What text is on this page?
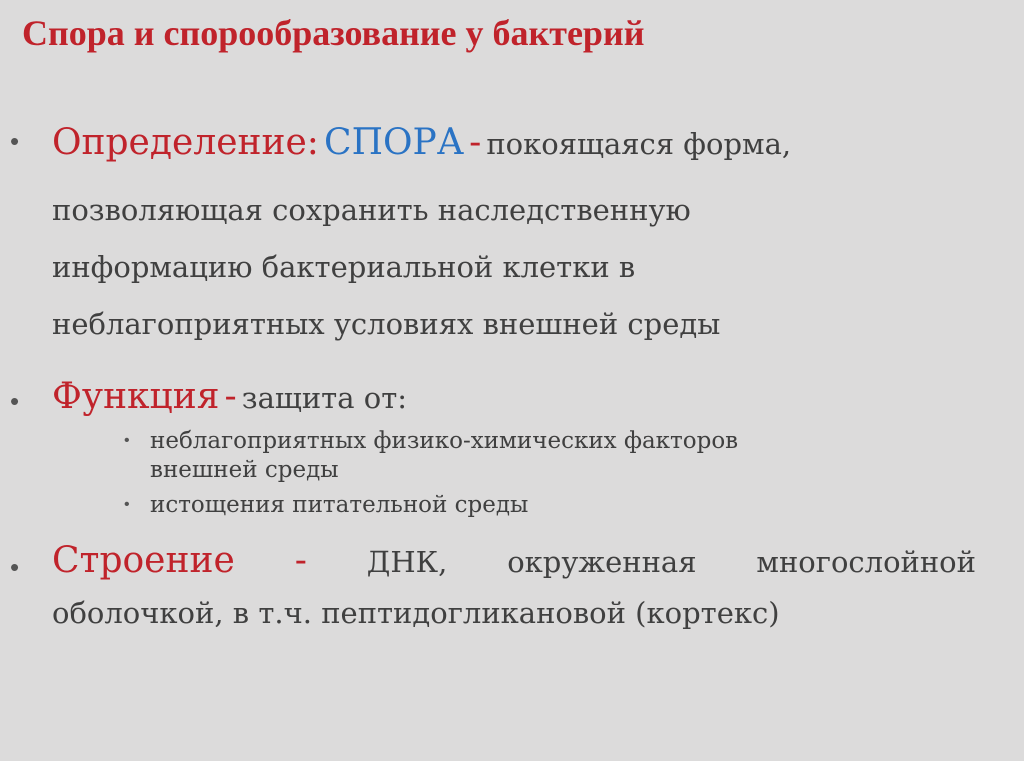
Спора и спорообразование у бактерий
• Определение: СПОРА - покоящаяся форма,
позволяющая сохранить наследственную
информацию бактериальной клетки в
неблагоприятных условиях внешней среды
• Функция - защита от:
• неблагоприятных физико-химических факторов
внешней среды
• истощения питательной среды
• Строение - ДНК, окруженная многослойной
оболочкой, в т.ч. пептидогликановой (кортекс)
